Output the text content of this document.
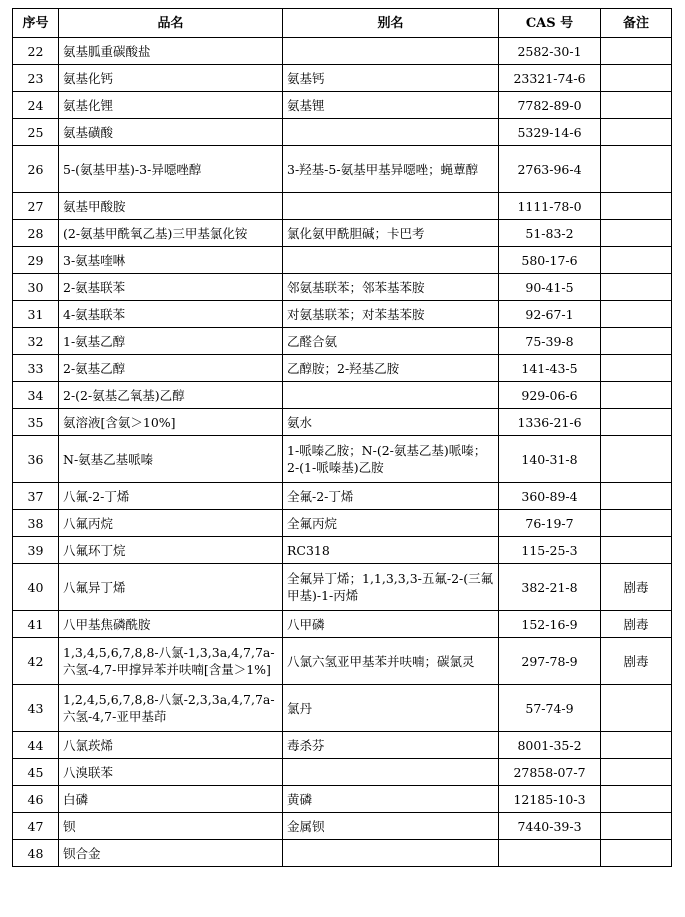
序号	品名	别名	CAS 号	备注
22	氨基胍重碳酸盐		2582-30-1	
23	氨基化钙	氨基钙	23321-74-6	
24	氨基化锂	氨基锂	7782-89-0	
25	氨基磺酸		5329-14-6	
26	5-(氨基甲基)-3-异噁唑醇	3-羟基-5-氨基甲基异噁唑；蝇蕈醇	2763-96-4	
27	氨基甲酸胺		1111-78-0	
28	(2-氨基甲酰氧乙基)三甲基氯化铵	氯化氨甲酰胆碱；卡巴考	51-83-2	
29	3-氨基喹啉		580-17-6	
30	2-氨基联苯	邻氨基联苯；邻苯基苯胺	90-41-5	
31	4-氨基联苯	对氨基联苯；对苯基苯胺	92-67-1	
32	1-氨基乙醇	乙醛合氨	75-39-8	
33	2-氨基乙醇	乙醇胺；2-羟基乙胺	141-43-5	
34	2-(2-氨基乙氧基)乙醇		929-06-6	
35	氨溶液[含氨＞10%]	氨水	1336-21-6	
36	N-氨基乙基哌嗪	1-哌嗪乙胺；N-(2-氨基乙基)哌嗪；2-(1-哌嗪基)乙胺	140-31-8	
37	八氟-2-丁烯	全氟-2-丁烯	360-89-4	
38	八氟丙烷	全氟丙烷	76-19-7	
39	八氟环丁烷	RC318	115-25-3	
40	八氟异丁烯	全氟异丁烯；1,1,3,3,3-五氟-2-(三氟甲基)-1-丙烯	382-21-8	剧毒
41	八甲基焦磷酰胺	八甲磷	152-16-9	剧毒
42	1,3,4,5,6,7,8,8-八氯-1,3,3a,4,7,7a-六氢-4,7-甲撑异苯并呋喃[含量＞1%]	八氯六氢亚甲基苯并呋喃；碳氯灵	297-78-9	剧毒
43	1,2,4,5,6,7,8,8-八氯-2,3,3a,4,7,7a-六氢-4,7-亚甲基茚	氯丹	57-74-9	
44	八氯莰烯	毒杀芬	8001-35-2	
45	八溴联苯		27858-07-7	
46	白磷	黄磷	12185-10-3	
47	钡	金属钡	7440-39-3	
48	钡合金			
